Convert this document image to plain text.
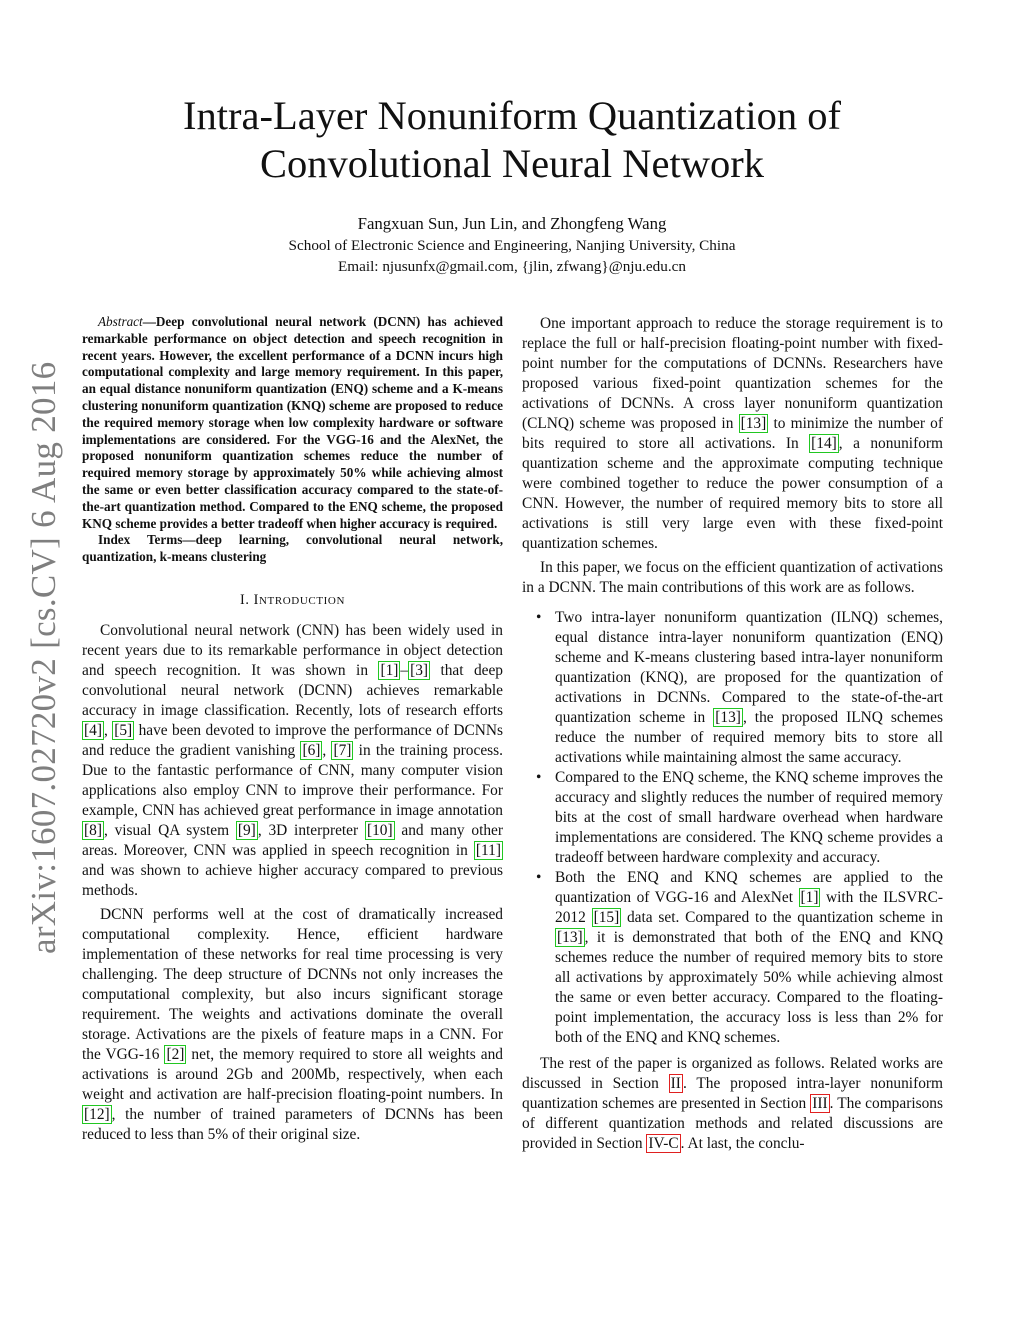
Intra-Layer Nonuniform Quantization of
Convolutional Neural Network
Fangxuan Sun, Jun Lin, and Zhongfeng Wang
School of Electronic Science and Engineering, Nanjing University, China
Email: njusunfx@gmail.com, {jlin, zfwang}@nju.edu.cn
arXiv:1607.02720v2 [cs.CV] 6 Aug 2016

Abstract—Deep convolutional neural network (DCNN) has achieved remarkable performance on object detection and speech recognition in recent years. However, the excellent performance of a DCNN incurs high computational complexity and large memory requirement. In this paper, an equal distance nonuniform quantization (ENQ) scheme and a K-means clustering nonuniform quantization (KNQ) scheme are proposed to reduce the required memory storage when low complexity hardware or software implementations are considered. For the VGG-16 and the AlexNet, the proposed nonuniform quantization schemes reduce the number of required memory storage by approximately 50% while achieving almost the same or even better classification accuracy compared to the state-of-the-art quantization method. Compared to the ENQ scheme, the proposed KNQ scheme provides a better tradeoff when higher accuracy is required.

Index Terms—deep learning, convolutional neural network, quantization, k-means clustering

I. INTRODUCTION

Convolutional neural network (CNN) has been widely used in recent years due to its remarkable performance in object detection and speech recognition. It was shown in [1] – [3] that deep convolutional neural network (DCNN) achieves remarkable accuracy in image classification. Recently, lots of research efforts [4] , [5] have been devoted to improve the performance of DCNNs and reduce the gradient vanishing [6] , [7] in the training process. Due to the fantastic performance of CNN, many computer vision applications also employ CNN to improve their performance. For example, CNN has achieved great performance in image annotation [8] , visual QA system [9] , 3D interpreter [10] and many other areas. Moreover, CNN was applied in speech recognition in [11] and was shown to achieve higher accuracy compared to previous methods.

DCNN performs well at the cost of dramatically increased computational complexity. Hence, efficient hardware implementation of these networks for real time processing is very challenging. The deep structure of DCNNs not only increases the computational complexity, but also incurs significant storage requirement. The weights and activations dominate the overall storage. Activations are the pixels of feature maps in a CNN. For the VGG-16 [2] net, the memory required to store all weights and activations is around 2Gb and 200Mb, respectively, when each weight and activation are half-precision floating-point numbers. In [12] , the number of trained parameters of DCNNs has been reduced to less than 5% of their original size.

One important approach to reduce the storage requirement is to replace the full or half-precision floating-point number with fixed-point number for the computations of DCNNs. Researchers have proposed various fixed-point quantization schemes for the activations of DCNNs. A cross layer nonuniform quantization (CLNQ) scheme was proposed in [13] to minimize the number of bits required to store all activations. In [14] , a nonuniform quantization scheme and the approximate computing technique were combined together to reduce the power consumption of a CNN. However, the number of required memory bits to store all activations is still very large even with these fixed-point quantization schemes.

In this paper, we focus on the efficient quantization of activations in a DCNN. The main contributions of this work are as follows.

• Two intra-layer nonuniform quantization (ILNQ) schemes, equal distance intra-layer nonuniform quantization (ENQ) scheme and K-means clustering based intra-layer nonuniform quantization (KNQ), are proposed for the quantization of activations in DCNNs. Compared to the state-of-the-art quantization scheme in [13] , the proposed ILNQ schemes reduce the number of required memory bits to store all activations while maintaining almost the same accuracy.
• Compared to the ENQ scheme, the KNQ scheme improves the accuracy and slightly reduces the number of required memory bits at the cost of small hardware overhead when hardware implementations are considered. The KNQ scheme provides a tradeoff between hardware complexity and accuracy.
• Both the ENQ and KNQ schemes are applied to the quantization of VGG-16 and AlexNet [1] with the ILSVRC-2012 [15] data set. Compared to the quantization scheme in [13] , it is demonstrated that both of the ENQ and KNQ schemes reduce the number of required memory bits to store all activations by approximately 50% while achieving almost the same or even better accuracy. Compared to the floating-point implementation, the accuracy loss is less than 2% for both of the ENQ and KNQ schemes.

The rest of the paper is organized as follows. Related works are discussed in Section II . The proposed intra-layer nonuniform quantization schemes are presented in Section III . The comparisons of different quantization methods and related discussions are provided in Section IV-C . At last, the conclu-
